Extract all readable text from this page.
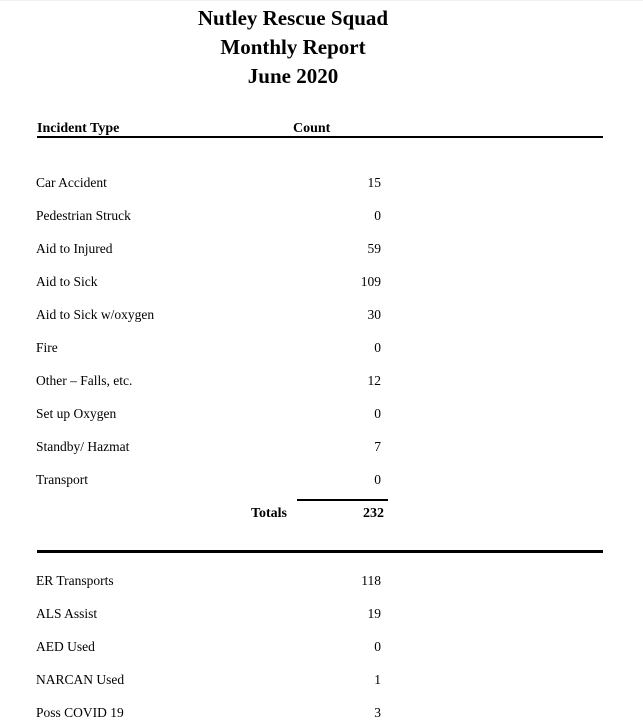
Nutley Rescue Squad
Monthly Report
June 2020
Incident Type	Count
Car Accident	15
Pedestrian Struck	0
Aid to Injured	59
Aid to Sick	109
Aid to Sick w/oxygen	30
Fire	0
Other – Falls, etc.	12
Set up Oxygen	0
Standby/ Hazmat	7
Transport	0
Totals	232
ER Transports	118
ALS Assist	19
AED Used	0
NARCAN Used	1
Poss COVID 19	3
